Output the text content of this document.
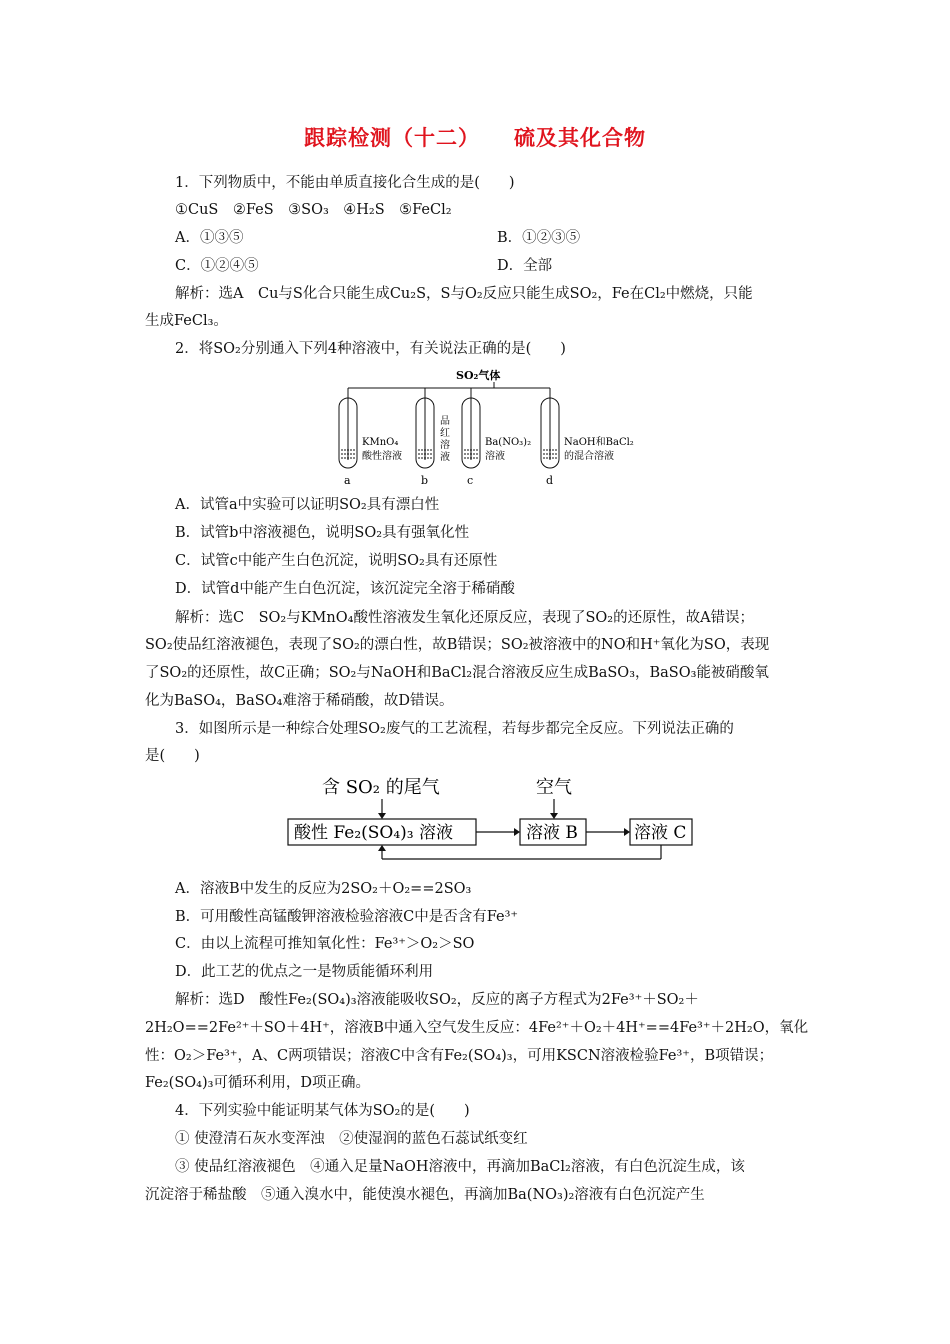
跟踪检测（十二） 硫及其化合物
1．下列物质中，不能由单质直接化合生成的是(　　)
①CuS　②FeS　③SO₃　④H₂S　⑤FeCl₂
A．①③⑤	B．①②③⑤
C．①②④⑤	D．全部
解析：选A　Cu与S化合只能生成Cu₂S，S与O₂反应只能生成SO₂，Fe在Cl₂中燃烧，只能
生成FeCl₃。
2．将SO₂分别通入下列4种溶液中，有关说法正确的是(　　)
SO₂气体
KMnO₄
酸性溶液
a
品
红
溶
液
b
Ba(NO₃)₂
溶液
c
NaOH和BaCl₂
的混合溶液
d
A．试管a中实验可以证明SO₂具有漂白性
B．试管b中溶液褪色，说明SO₂具有强氧化性
C．试管c中能产生白色沉淀，说明SO₂具有还原性
D．试管d中能产生白色沉淀，该沉淀完全溶于稀硝酸
解析：选C　SO₂与KMnO₄酸性溶液发生氧化还原反应，表现了SO₂的还原性，故A错误；
SO₂使品红溶液褪色，表现了SO₂的漂白性，故B错误；SO₂被溶液中的NO和H⁺氧化为SO，表现
了SO₂的还原性，故C正确；SO₂与NaOH和BaCl₂混合溶液反应生成BaSO₃，BaSO₃能被硝酸氧
化为BaSO₄，BaSO₄难溶于稀硝酸，故D错误。
3．如图所示是一种综合处理SO₂废气的工艺流程，若每步都完全反应。下列说法正确的
是(　　)
含 SO₂ 的尾气	空气
酸性 Fe₂(SO₄)₃ 溶液	溶液 B	溶液 C
A．溶液B中发生的反应为2SO₂＋O₂==2SO₃
B．可用酸性高锰酸钾溶液检验溶液C中是否含有Fe³⁺
C．由以上流程可推知氧化性：Fe³⁺＞O₂＞SO
D．此工艺的优点之一是物质能循环利用
解析：选D　酸性Fe₂(SO₄)₃溶液能吸收SO₂，反应的离子方程式为2Fe³⁺＋SO₂＋
2H₂O==2Fe²⁺＋SO＋4H⁺，溶液B中通入空气发生反应：4Fe²⁺＋O₂＋4H⁺==4Fe³⁺＋2H₂O，氧化
性：O₂＞Fe³⁺，A、C两项错误；溶液C中含有Fe₂(SO₄)₃，可用KSCN溶液检验Fe³⁺，B项错误；
Fe₂(SO₄)₃可循环利用，D项正确。
4．下列实验中能证明某气体为SO₂的是(　　)
① 使澄清石灰水变浑浊　②使湿润的蓝色石蕊试纸变红
③ 使品红溶液褪色　④通入足量NaOH溶液中，再滴加BaCl₂溶液，有白色沉淀生成，该
沉淀溶于稀盐酸　⑤通入溴水中，能使溴水褪色，再滴加Ba(NO₃)₂溶液有白色沉淀产生
